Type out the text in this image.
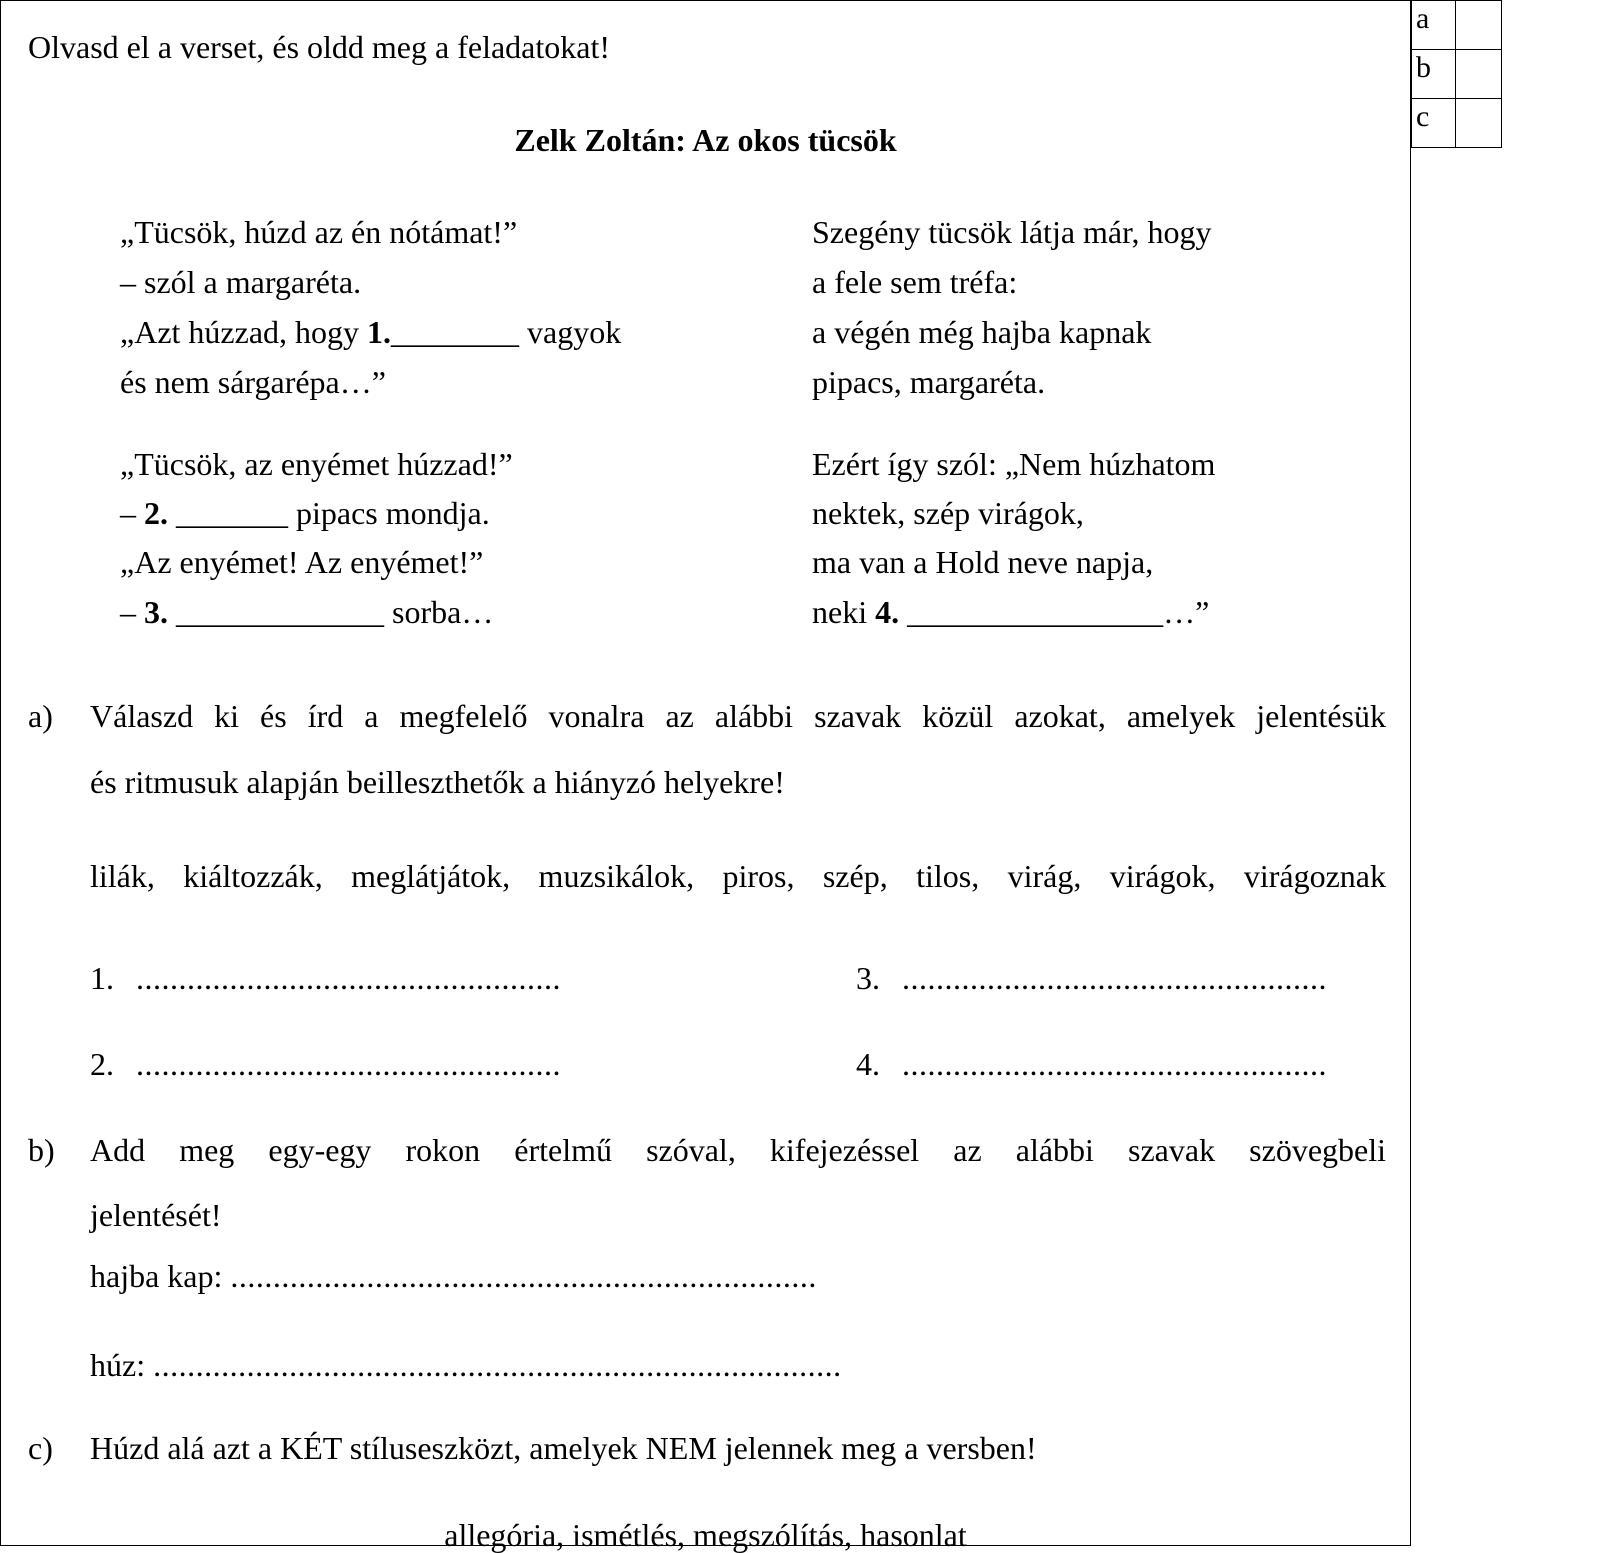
a	
b	
c	
Olvasd el a verset, és oldd meg a feladatokat!
Zelk Zoltán: Az okos tücsök
„Tücsök, húzd az én nótámat!”
– szól a margaréta.
„Azt húzzad, hogy 1.________ vagyok
és nem sárgarépa…”
„Tücsök, az enyémet húzzad!”
– 2. _______ pipacs mondja.
„Az enyémet! Az enyémet!”
– 3. _____________ sorba…
Szegény tücsök látja már, hogy
a fele sem tréfa:
a végén még hajba kapnak
pipacs, margaréta.
Ezért így szól: „Nem húzhatom
nektek, szép virágok,
ma van a Hold neve napja,
neki 4. ________________…”
a) Válaszd ki és írd a megfelelő vonalra az alábbi szavak közül azokat, amelyek jelentésük
és ritmusuk alapján beilleszthetők a hiányzó helyekre!
lilák, kiáltozzák, meglátjátok, muzsikálok, piros, szép, tilos, virág, virágok, virágoznak
1. ..................................................
2. ..................................................
3. ..................................................
4. ..................................................
b) Add meg egy-egy rokon értelmű szóval, kifejezéssel az alábbi szavak szövegbeli
jelentését!
hajba kap: .....................................................................
húz: .................................................................................
c) Húzd alá azt a KÉT stíluseszközt, amelyek NEM jelennek meg a versben!
allegória, ismétlés, megszólítás, hasonlat
